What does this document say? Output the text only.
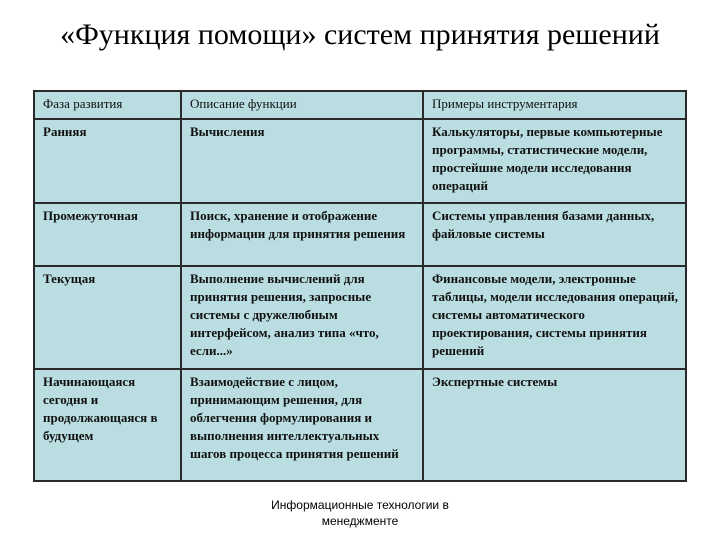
«Функция помощи» систем принятия решений
Фаза развития	Описание функции	Примеры инструментария
Ранняя	Вычисления	Калькуляторы, первые компьютерные программы, статистические модели, простейшие модели исследования операций
Промежуточная	Поиск, хранение и отображение информации для принятия решения	Системы управления базами данных, файловые системы
Текущая	Выполнение вычислений для принятия решения, запросные системы с дружелюбным интерфейсом, анализ типа «что, если...»	Финансовые модели, электронные таблицы, модели исследования операций, системы автоматического проектирования, системы принятия решений
Начинающаяся сегодня и продолжающаяся в будущем	Взаимодействие с лицом, принимающим решения, для облегчения формулирования и выполнения интеллектуальных шагов процесса принятия решений	Экспертные системы
Информационные технологии в менеджменте
